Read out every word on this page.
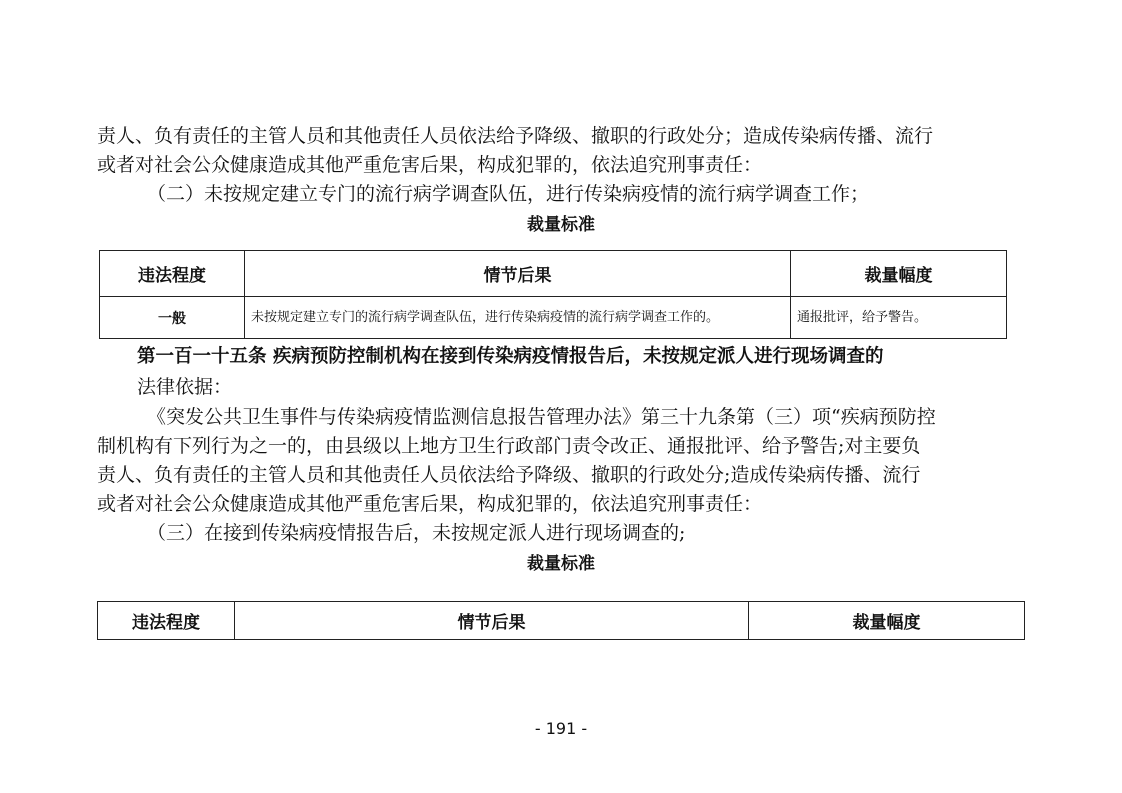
责人、负有责任的主管人员和其他责任人员依法给予降级、撤职的行政处分；造成传染病传播、流行
或者对社会公众健康造成其他严重危害后果，构成犯罪的，依法追究刑事责任：
（二）未按规定建立专门的流行病学调查队伍，进行传染病疫情的流行病学调查工作；
裁量标准
违法程度	情节后果	裁量幅度
一般	未按规定建立专门的流行病学调查队伍，进行传染病疫情的流行病学调查工作的。	通报批评，给予警告。
第一百一十五条 疾病预防控制机构在接到传染病疫情报告后，未按规定派人进行现场调查的
法律依据：
《突发公共卫生事件与传染病疫情监测信息报告管理办法》第三十九条第（三）项“疾病预防控
制机构有下列行为之一的，由县级以上地方卫生行政部门责令改正、通报批评、给予警告;对主要负
责人、负有责任的主管人员和其他责任人员依法给予降级、撤职的行政处分;造成传染病传播、流行
或者对社会公众健康造成其他严重危害后果，构成犯罪的，依法追究刑事责任：
（三）在接到传染病疫情报告后，未按规定派人进行现场调查的;
裁量标准
违法程度	情节后果	裁量幅度
- 191 -
